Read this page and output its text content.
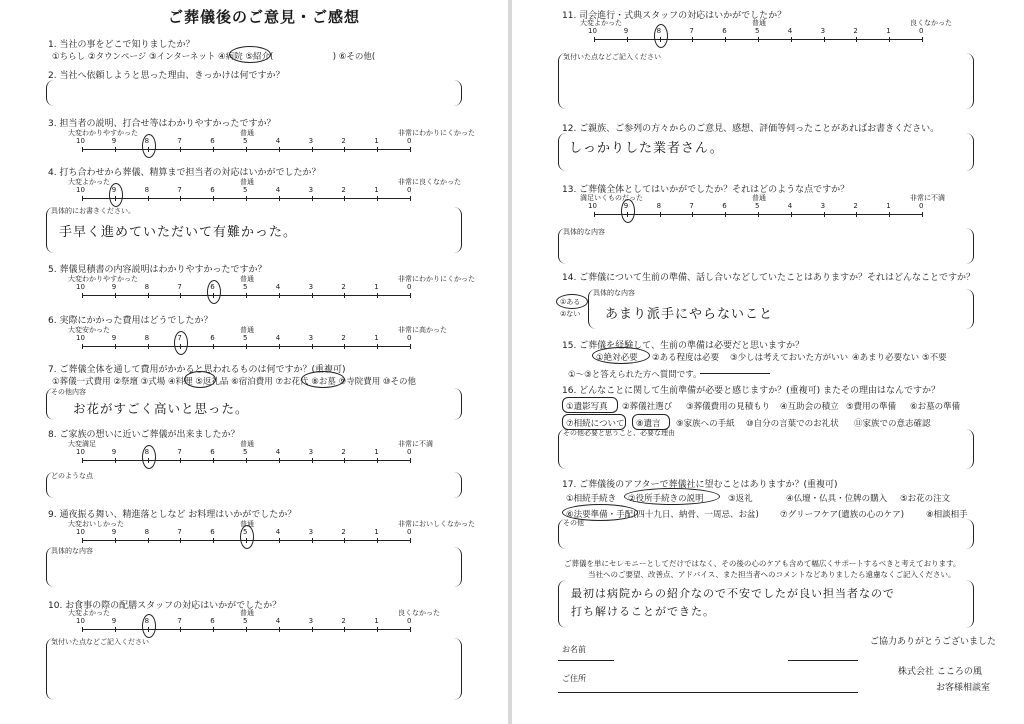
ご葬儀後のご意見・ご感想
1. 当社の事をどこで知りましたか？
①ちらし ②タウンページ ③インターネット ④病院 ⑤紹介(　　　　　　　) ⑥その他(
2. 当社へ依頼しようと思った理由、きっかけは何ですか？
3. 担当者の説明、打合せ等はわかりやすかったですか？
大変わかりやすかった	普通	非常にわかりにくかった
10	9	8	7	6	5	4	3	2	1	0
4. 打ち合わせから葬儀、精算まで担当者の対応はいかがでしたか？
大変よかった	普通	非常に良くなかった
10	9	8	7	6	5	4	3	2	1	0
具体的にお書きください。
手早く進めていただいて有難かった。
5. 葬儀見積書の内容説明はわかりやすかったですか？
大変わかりやすかった	普通	非常にわかりにくかった
10	9	8	7	6	5	4	3	2	1	0
6. 実際にかかった費用はどうでしたか？
大変安かった	普通	非常に高かった
10	9	8	7	6	5	4	3	2	1	0
7. ご葬儀全体を通して費用がかかると思われるものは何ですか？(重複可)
①葬儀一式費用 ②祭壇 ③式場 ④料理 ⑤返礼品 ⑥宿泊費用 ⑦お花代 ⑧お墓 ⑨寺院費用 ⑩その他
その他内容
お花がすごく高いと思った。
8. ご家族の想いに近いご葬儀が出来ましたか？
大変満足	普通	非常に不満
10	9	8	7	6	5	4	3	2	1	0
どのような点
9. 通夜振る舞い、精進落としなど お料理はいかがでしたか？
大変おいしかった	普通	非常においしくなかった
10	9	8	7	6	5	4	3	2	1	0
具体的な内容
10. お食事の際の配膳スタッフの対応はいかがでしたか？
大変よかった	普通	良くなかった
10	9	8	7	6	5	4	3	2	1	0
気付いた点などご記入ください
11. 司会進行・式典スタッフの対応はいかがでしたか？
大変よかった	普通	良くなかった
10	9	8	7	6	5	4	3	2	1	0
気付いた点などご記入ください
12. ご親族、ご参列の方々からのご意見、感想、評価等伺ったことがあればお書きください。
しっかりした業者さん。
13. ご葬儀全体としてはいかがでしたか？それはどのような点ですか？
満足いくものだった	普通	非常に不満
10	9	8	7	6	5	4	3	2	1	0
具体的な内容
14. ご葬儀について生前の準備、話し合いなどしていたことはありますか？それはどんなことですか？
①ある
②ない
具体的な内容
あまり派手にやらないこと
15. ご葬儀を経験して、生前の準備は必要だと思いますか？
①絶対必要 ②ある程度は必要 ③少しは考えておいた方がいい ④あまり必要ない ⑤不要
①～③と答えられた方へ質問です。
16. どんなことに関して生前準備が必要と感じますか？(重複可) またその理由はなんですか？
①遺影写真 ②葬儀社選び ③葬儀費用の見積もり ④互助会の積立 ⑤費用の準備 ⑥お墓の準備
⑦相続について ⑧遺言 ⑨家族への手紙 ⑩自分の言葉でのお礼状 ⑪家族での意志確認
その他必要と思うこと、必要な理由
17. ご葬儀後のアフターで葬儀社に望むことはありますか？(重複可)
①相続手続き ②役所手続きの説明	③返礼	④仏壇・仏具・位牌の購入 ⑤お花の注文
⑥法要準備・手配(四十九日、納骨、一周忌、お盆) ⑦グリーフケア(遺族の心のケア)	⑧相談相手
その他
ご葬儀を単にセレモニーとしてだけではなく、その後の心のケアも含めて幅広くサポートするべきと考えております。
当社へのご要望、改善点、アドバイス、また担当者へのコメントなどありましたら遠慮なくご記入ください。
最初は病院からの紹介なので不安でしたが良い担当者なので
打ち解けることができた。
ご協力ありがとうございました
お名前
ご住所
株式会社 こころの風
お客様相談室
